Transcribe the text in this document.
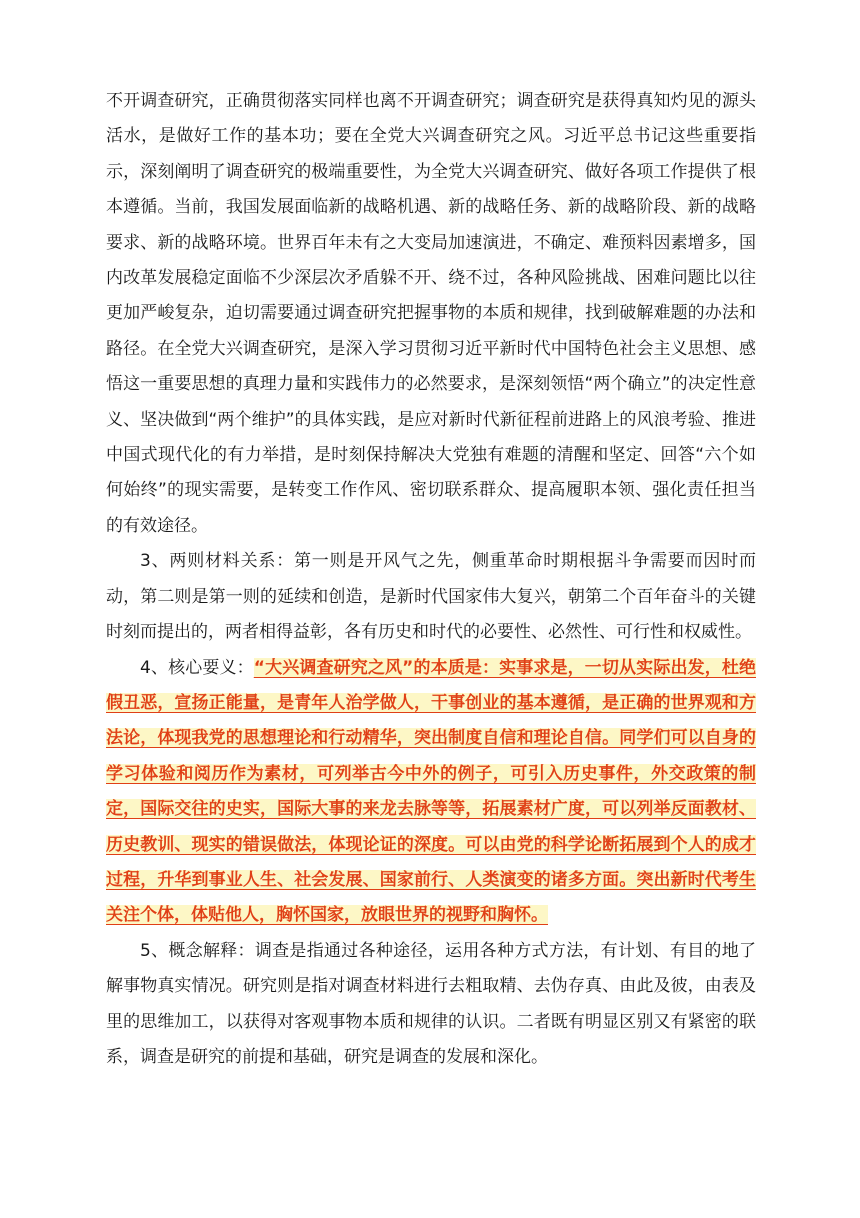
不开调查研究，正确贯彻落实同样也离不开调查研究；调查研究是获得真知灼见的源头活水，是做好工作的基本功；要在全党大兴调查研究之风。习近平总书记这些重要指示，深刻阐明了调查研究的极端重要性，为全党大兴调查研究、做好各项工作提供了根本遵循。当前，我国发展面临新的战略机遇、新的战略任务、新的战略阶段、新的战略要求、新的战略环境。世界百年未有之大变局加速演进，不确定、难预料因素增多，国内改革发展稳定面临不少深层次矛盾躲不开、绕不过，各种风险挑战、困难问题比以往更加严峻复杂，迫切需要通过调查研究把握事物的本质和规律，找到破解难题的办法和路径。在全党大兴调查研究，是深入学习贯彻习近平新时代中国特色社会主义思想、感悟这一重要思想的真理力量和实践伟力的必然要求，是深刻领悟“两个确立”的决定性意义、坚决做到“两个维护”的具体实践，是应对新时代新征程前进路上的风浪考验、推进中国式现代化的有力举措，是时刻保持解决大党独有难题的清醒和坚定、回答“六个如何始终”的现实需要，是转变工作作风、密切联系群众、提高履职本领、强化责任担当的有效途径。

3、两则材料关系：第一则是开风气之先，侧重革命时期根据斗争需要而因时而动，第二则是第一则的延续和创造，是新时代国家伟大复兴，朝第二个百年奋斗的关键时刻而提出的，两者相得益彰，各有历史和时代的必要性、必然性、可行性和权威性。

4、核心要义：“大兴调查研究之风”的本质是：实事求是，一切从实际出发，杜绝假丑恶，宣扬正能量，是青年人治学做人，干事创业的基本遵循，是正确的世界观和方法论，体现我党的思想理论和行动精华，突出制度自信和理论自信。同学们可以自身的学习体验和阅历作为素材，可列举古今中外的例子，可引入历史事件，外交政策的制定，国际交往的史实，国际大事的来龙去脉等等，拓展素材广度，可以列举反面教材、历史教训、现实的错误做法，体现论证的深度。可以由党的科学论断拓展到个人的成才过程，升华到事业人生、社会发展、国家前行、人类演变的诸多方面。突出新时代考生关注个体，体贴他人，胸怀国家，放眼世界的视野和胸怀。

5、概念解释：调查是指通过各种途径，运用各种方式方法，有计划、有目的地了解事物真实情况。研究则是指对调查材料进行去粗取精、去伪存真、由此及彼，由表及里的思维加工，以获得对客观事物本质和规律的认识。二者既有明显区别又有紧密的联系，调查是研究的前提和基础，研究是调查的发展和深化。
